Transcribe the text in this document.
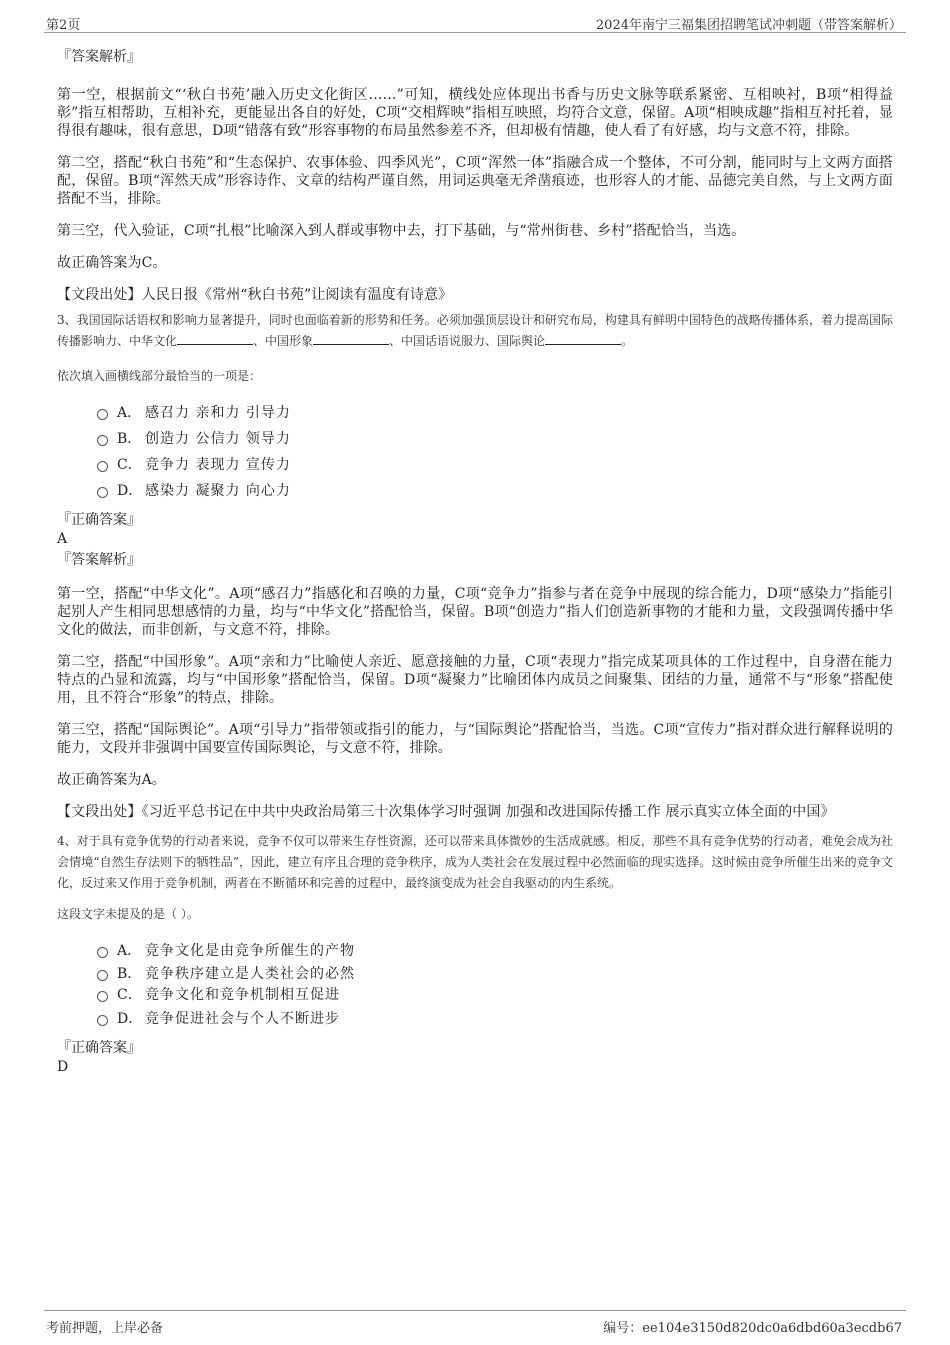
第2页	2024年南宁三福集团招聘笔试冲刺题（带答案解析）

『答案解析』

第一空，根据前文“‘秋白书苑’融入历史文化街区……”可知，横线处应体现出书香与历史文脉等联系紧密、互相映衬，B项“相得益彰”指互相帮助，互相补充，更能显出各自的好处，C项“交相辉映”指相互映照，均符合文意，保留。A项“相映成趣”指相互衬托着，显得很有趣味，很有意思，D项“错落有致”形容事物的布局虽然参差不齐，但却极有情趣，使人看了有好感，均与文意不符，排除。

第二空，搭配“秋白书苑”和“生态保护、农事体验、四季风光”，C项“浑然一体”指融合成一个整体，不可分割，能同时与上文两方面搭配，保留。B项“浑然天成”形容诗作、文章的结构严谨自然，用词运典毫无斧凿痕迹，也形容人的才能、品德完美自然，与上文两方面搭配不当，排除。

第三空，代入验证，C项“扎根”比喻深入到人群或事物中去，打下基础，与“常州街巷、乡村”搭配恰当，当选。

故正确答案为C。

【文段出处】人民日报《常州“秋白书苑”让阅读有温度有诗意》

3、我国国际话语权和影响力显著提升，同时也面临着新的形势和任务。必须加强顶层设计和研究布局，构建具有鲜明中国特色的战略传播体系，着力提高国际传播影响力、中华文化	、中国形象	、中国话语说服力、国际舆论	。

依次填入画横线部分最恰当的一项是：

A． 感召力 亲和力 引导力
B． 创造力 公信力 领导力
C． 竞争力 表现力 宣传力
D． 感染力 凝聚力 向心力

『正确答案』

A

『答案解析』

第一空，搭配“中华文化”。A项“感召力”指感化和召唤的力量，C项“竞争力”指参与者在竞争中展现的综合能力，D项“感染力”指能引起别人产生相同思想感情的力量，均与“中华文化”搭配恰当，保留。B项“创造力”指人们创造新事物的才能和力量，文段强调传播中华文化的做法，而非创新，与文意不符，排除。

第二空，搭配“中国形象”。A项“亲和力”比喻使人亲近、愿意接触的力量，C项“表现力”指完成某项具体的工作过程中，自身潜在能力特点的凸显和流露，均与“中国形象”搭配恰当，保留。D项“凝聚力”比喻团体内成员之间聚集、团结的力量，通常不与“形象”搭配使用，且不符合“形象”的特点，排除。

第三空，搭配“国际舆论”。A项“引导力”指带领或指引的能力，与“国际舆论”搭配恰当，当选。C项“宣传力”指对群众进行解释说明的能力，文段并非强调中国要宣传国际舆论，与文意不符，排除。

故正确答案为A。

【文段出处】《习近平总书记在中共中央政治局第三十次集体学习时强调 加强和改进国际传播工作 展示真实立体全面的中国》

4、对于具有竞争优势的行动者来说，竞争不仅可以带来生存性资源，还可以带来具体微妙的生活成就感。相反，那些不具有竞争优势的行动者，难免会成为社会情境“自然生存法则下的牺牲品”，因此，建立有序且合理的竞争秩序，成为人类社会在发展过程中必然面临的现实选择。这时候由竞争所催生出来的竞争文化，反过来又作用于竞争机制，两者在不断循环和完善的过程中，最终演变成为社会自我驱动的内生系统。

这段文字未提及的是（ ）。

A． 竞争文化是由竞争所催生的产物
B． 竞争秩序建立是人类社会的必然
C． 竞争文化和竞争机制相互促进
D． 竞争促进社会与个人不断进步

『正确答案』

D

考前押题，上岸必备	编号：ee104e3150d820dc0a6dbd60a3ecdb67
